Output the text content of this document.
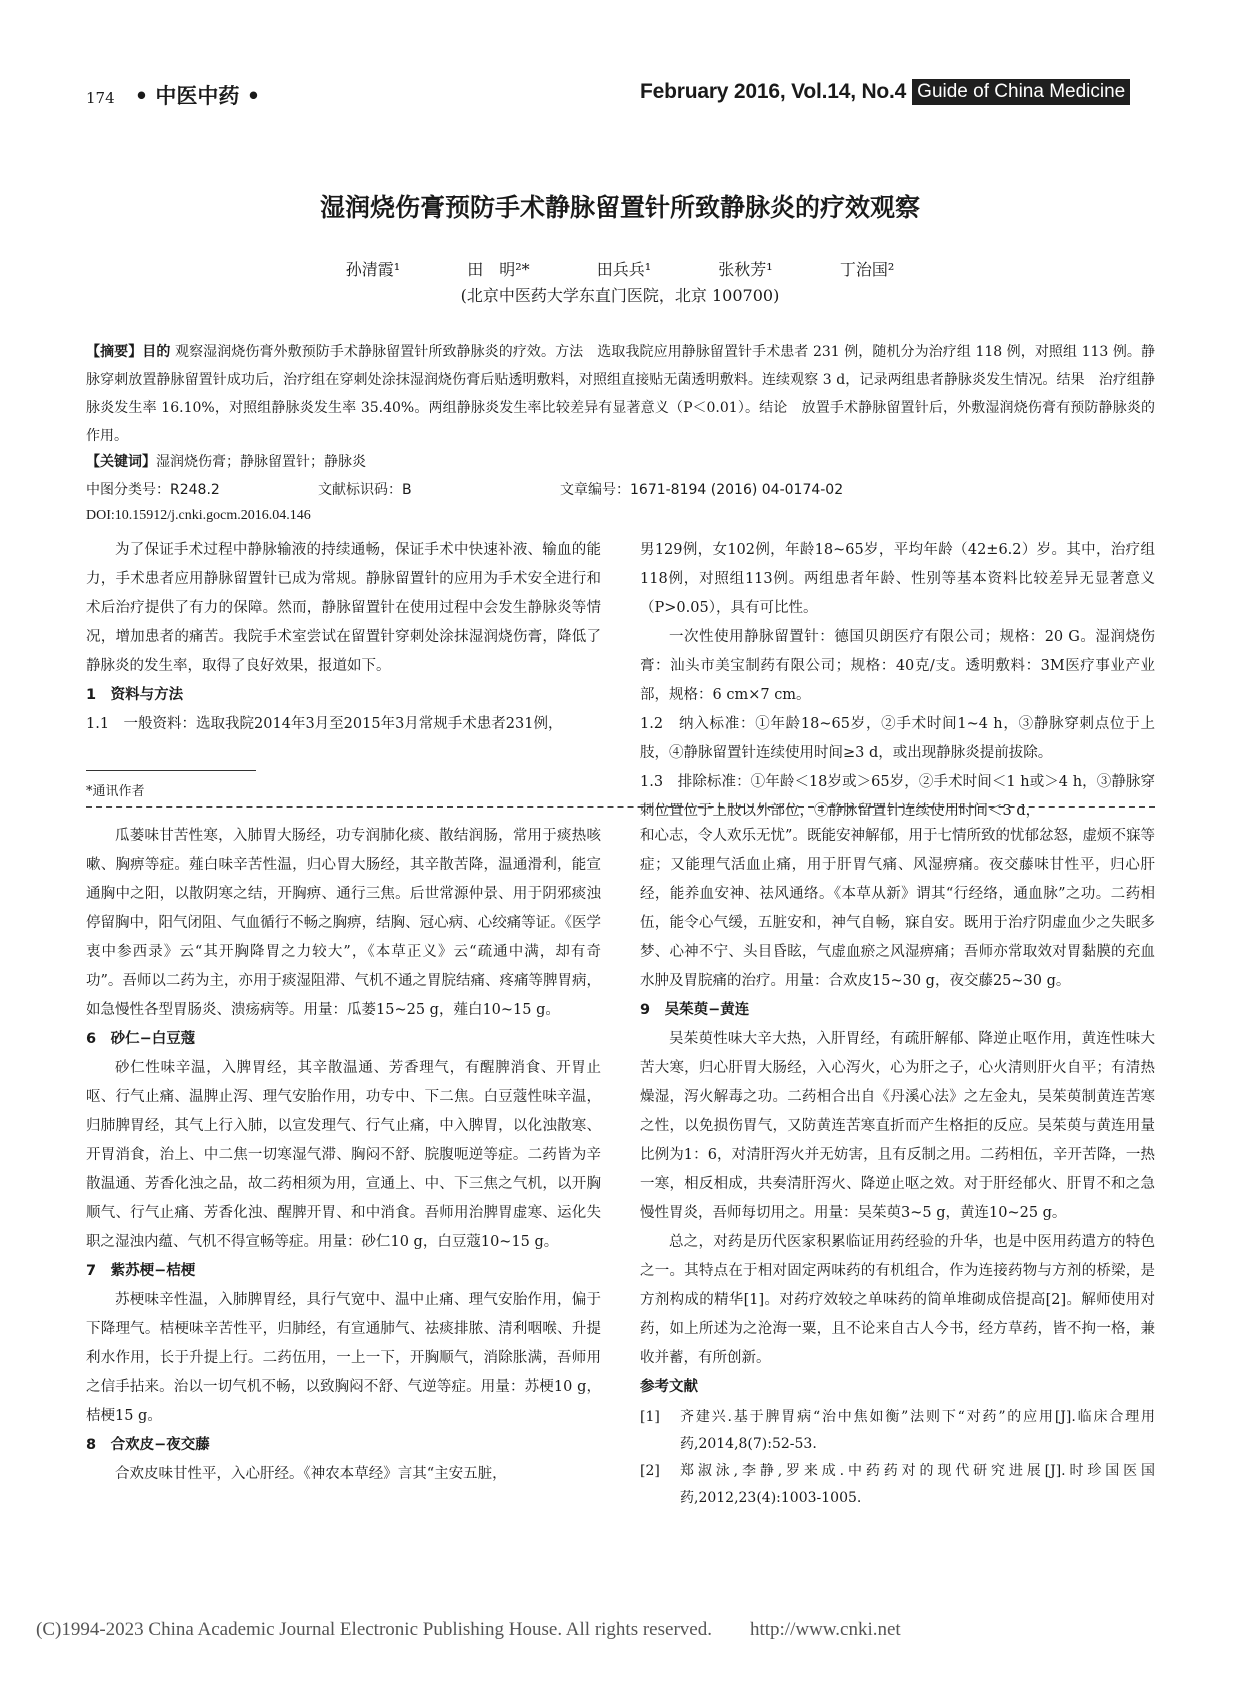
174 • 中医中药 •	February 2016, Vol.14, No.4 Guide of China Medicine
湿润烧伤膏预防手术静脉留置针所致静脉炎的疗效观察
孙清霞¹	田　明²*	田兵兵¹	张秋芳¹	丁治国²
(北京中医药大学东直门医院，北京 100700)
【摘要】目的 观察湿润烧伤膏外敷预防手术静脉留置针所致静脉炎的疗效。方法　选取我院应用静脉留置针手术患者 231 例，随机分为治疗组 118 例，对照组 113 例。静脉穿刺放置静脉留置针成功后，治疗组在穿刺处涂抹湿润烧伤膏后贴透明敷料，对照组直接贴无菌透明敷料。连续观察 3 d，记录两组患者静脉炎发生情况。结果　治疗组静脉炎发生率 16.10%，对照组静脉炎发生率 35.40%。两组静脉炎发生率比较差异有显著意义（P＜0.01）。结论　放置手术静脉留置针后，外敷湿润烧伤膏有预防静脉炎的作用。
【关键词】湿润烧伤膏；静脉留置针；静脉炎
中图分类号：R248.2	文献标识码：B	文章编号：1671-8194 (2016) 04-0174-02
DOI:10.15912/j.cnki.gocm.2016.04.146

为了保证手术过程中静脉输液的持续通畅，保证手术中快速补液、输血的能力，手术患者应用静脉留置针已成为常规。静脉留置针的应用为手术安全进行和术后治疗提供了有力的保障。然而，静脉留置针在使用过程中会发生静脉炎等情况，增加患者的痛苦。我院手术室尝试在留置针穿刺处涂抹湿润烧伤膏，降低了静脉炎的发生率，取得了良好效果，报道如下。

1　资料与方法

1.1　一般资料：选取我院2014年3月至2015年3月常规手术患者231例，

*通讯作者

男129例，女102例，年龄18~65岁，平均年龄（42±6.2）岁。其中，治疗组118例，对照组113例。两组患者年龄、性别等基本资料比较差异无显著意义（P>0.05），具有可比性。

一次性使用静脉留置针：德国贝朗医疗有限公司；规格：20 G。湿润烧伤膏：汕头市美宝制药有限公司；规格：40克/支。透明敷料：3M医疗事业产业部，规格：6 cm×7 cm。

1.2　纳入标准：①年龄18~65岁，②手术时间1~4 h，③静脉穿刺点位于上肢，④静脉留置针连续使用时间≥3 d，或出现静脉炎提前拔除。

1.3　排除标准：①年龄＜18岁或＞65岁，②手术时间＜1 h或＞4 h，③静脉穿刺位置位于上肢以外部位，④静脉留置针连续使用时间＜3 d，

瓜蒌味甘苦性寒，入肺胃大肠经，功专润肺化痰、散结润肠，常用于痰热咳嗽、胸痹等症。薤白味辛苦性温，归心胃大肠经，其辛散苦降，温通滑利，能宣通胸中之阳，以散阴寒之结，开胸痹、通行三焦。后世常源仲景、用于阴邪痰浊停留胸中，阳气闭阻、气血循行不畅之胸痹，结胸、冠心病、心绞痛等证。《医学衷中参西录》云“其开胸降胃之力较大”，《本草正义》云“疏通中满，却有奇功”。吾师以二药为主，亦用于痰湿阻滞、气机不通之胃脘结痛、疼痛等脾胃病，如急慢性各型胃肠炎、溃疡病等。用量：瓜蒌15~25 g，薤白10~15 g。

6　砂仁−白豆蔻

砂仁性味辛温，入脾胃经，其辛散温通、芳香理气，有醒脾消食、开胃止呕、行气止痛、温脾止泻、理气安胎作用，功专中、下二焦。白豆蔻性味辛温，归肺脾胃经，其气上行入肺，以宣发理气、行气止痛，中入脾胃，以化浊散寒、开胃消食，治上、中二焦一切寒湿气滞、胸闷不舒、脘腹呃逆等症。二药皆为辛散温通、芳香化浊之品，故二药相须为用，宣通上、中、下三焦之气机，以开胸顺气、行气止痛、芳香化浊、醒脾开胃、和中消食。吾师用治脾胃虚寒、运化失职之湿浊内蕴、气机不得宣畅等症。用量：砂仁10 g，白豆蔻10~15 g。

7　紫苏梗−桔梗

苏梗味辛性温，入肺脾胃经，具行气宽中、温中止痛、理气安胎作用，偏于下降理气。桔梗味辛苦性平，归肺经，有宣通肺气、祛痰排脓、清利咽喉、升提利水作用，长于升提上行。二药伍用，一上一下，开胸顺气，消除胀满，吾师用之信手拈来。治以一切气机不畅，以致胸闷不舒、气逆等症。用量：苏梗10 g，桔梗15 g。

8　合欢皮−夜交藤

合欢皮味甘性平，入心肝经。《神农本草经》言其“主安五脏，

和心志，令人欢乐无忧”。既能安神解郁，用于七情所致的忧郁忿怒，虚烦不寐等症；又能理气活血止痛，用于肝胃气痛、风湿痹痛。夜交藤味甘性平，归心肝经，能养血安神、祛风通络。《本草从新》谓其“行经络，通血脉”之功。二药相伍，能令心气缓，五脏安和，神气自畅，寐自安。既用于治疗阴虚血少之失眠多梦、心神不宁、头目昏眩，气虚血瘀之风湿痹痛；吾师亦常取效对胃黏膜的充血水肿及胃脘痛的治疗。用量：合欢皮15~30 g，夜交藤25~30 g。

9　吴茱萸−黄连

吴茱萸性味大辛大热，入肝胃经，有疏肝解郁、降逆止呕作用，黄连性味大苦大寒，归心肝胃大肠经，入心泻火，心为肝之子，心火清则肝火自平；有清热燥湿，泻火解毒之功。二药相合出自《丹溪心法》之左金丸，吴茱萸制黄连苦寒之性，以免损伤胃气，又防黄连苦寒直折而产生格拒的反应。吴茱萸与黄连用量比例为1：6，对清肝泻火并无妨害，且有反制之用。二药相伍，辛开苦降，一热一寒，相反相成，共奏清肝泻火、降逆止呕之效。对于肝经郁火、肝胃不和之急慢性胃炎，吾师每切用之。用量：吴茱萸3~5 g，黄连10~25 g。

总之，对药是历代医家积累临证用药经验的升华，也是中医用药遣方的特色之一。其特点在于相对固定两味药的有机组合，作为连接药物与方剂的桥梁，是方剂构成的精华[1]。对药疗效较之单味药的简单堆砌成倍提高[2]。解师使用对药，如上所述为之沧海一粟，且不论来自古人今书，经方草药，皆不拘一格，兼收并蓄，有所创新。

参考文献
[1]	齐建兴.基于脾胃病“治中焦如衡”法则下“对药”的应用[J].临床合理用药,2014,8(7):52-53.
[2]	郑淑泳,李静,罗来成.中药药对的现代研究进展[J].时珍国医国药,2012,23(4):1003-1005.
(C)1994-2023 China Academic Journal Electronic Publishing House. All rights reserved.　　http://www.cnki.net
